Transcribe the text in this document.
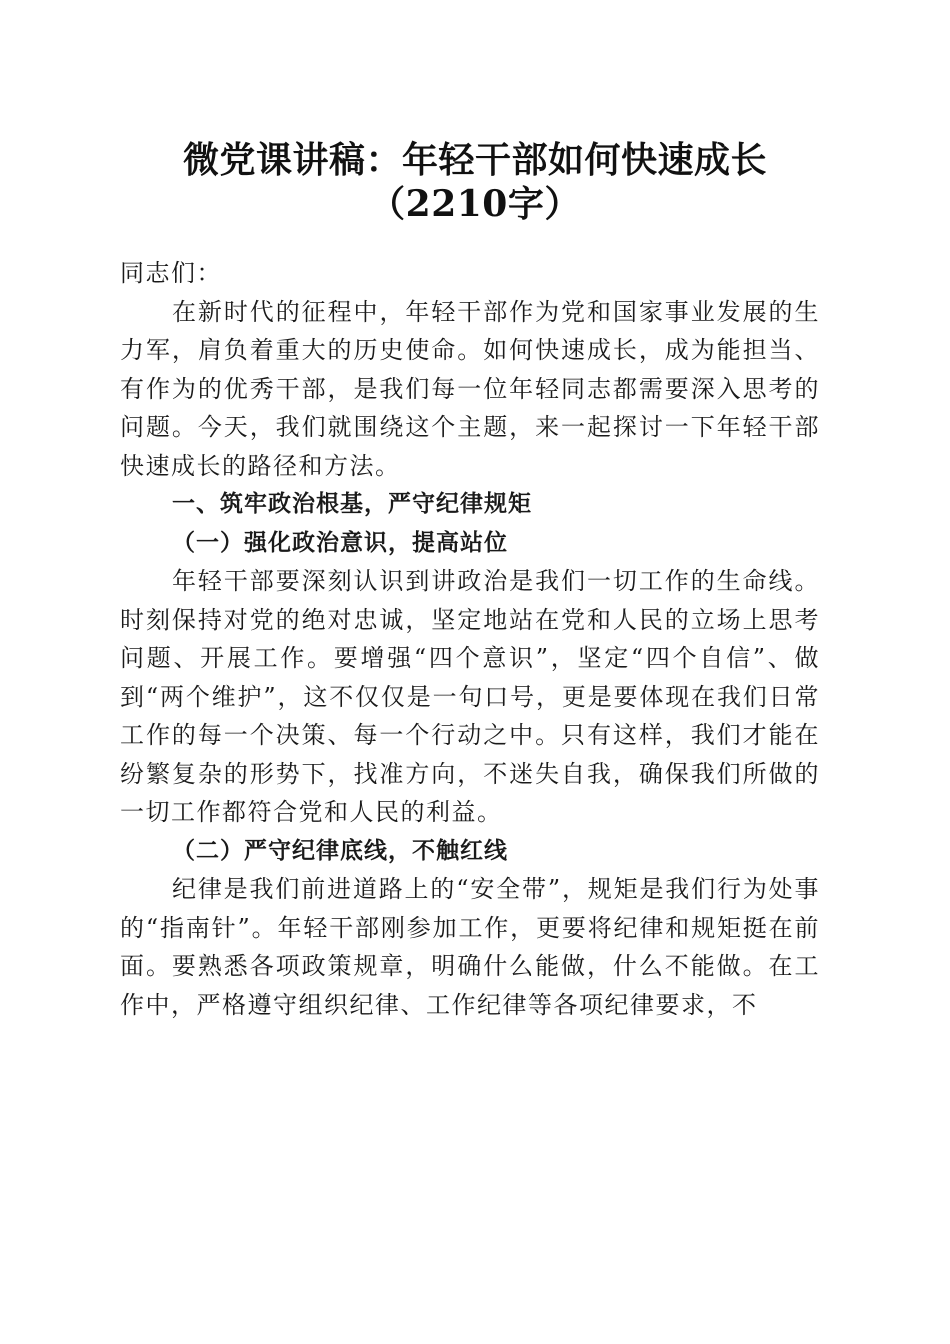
微党课讲稿：年轻干部如何快速成长（2210字）

同志们：

在新时代的征程中，年轻干部作为党和国家事业发展的生力军，肩负着重大的历史使命。如何快速成长，成为能担当、有作为的优秀干部，是我们每一位年轻同志都需要深入思考的问题。今天，我们就围绕这个主题，来一起探讨一下年轻干部快速成长的路径和方法。

一、筑牢政治根基，严守纪律规矩

（一）强化政治意识，提高站位

年轻干部要深刻认识到讲政治是我们一切工作的生命线。时刻保持对党的绝对忠诚，坚定地站在党和人民的立场上思考问题、开展工作。要增强“四个意识”，坚定“四个自信”、做到“两个维护”，这不仅仅是一句口号，更是要体现在我们日常工作的每一个决策、每一个行动之中。只有这样，我们才能在纷繁复杂的形势下，找准方向，不迷失自我，确保我们所做的一切工作都符合党和人民的利益。

（二）严守纪律底线，不触红线

纪律是我们前进道路上的“安全带”，规矩是我们行为处事的“指南针”。年轻干部刚参加工作，更要将纪律和规矩挺在前面。要熟悉各项政策规章，明确什么能做，什么不能做。在工作中，严格遵守组织纪律、工作纪律等各项纪律要求，不
